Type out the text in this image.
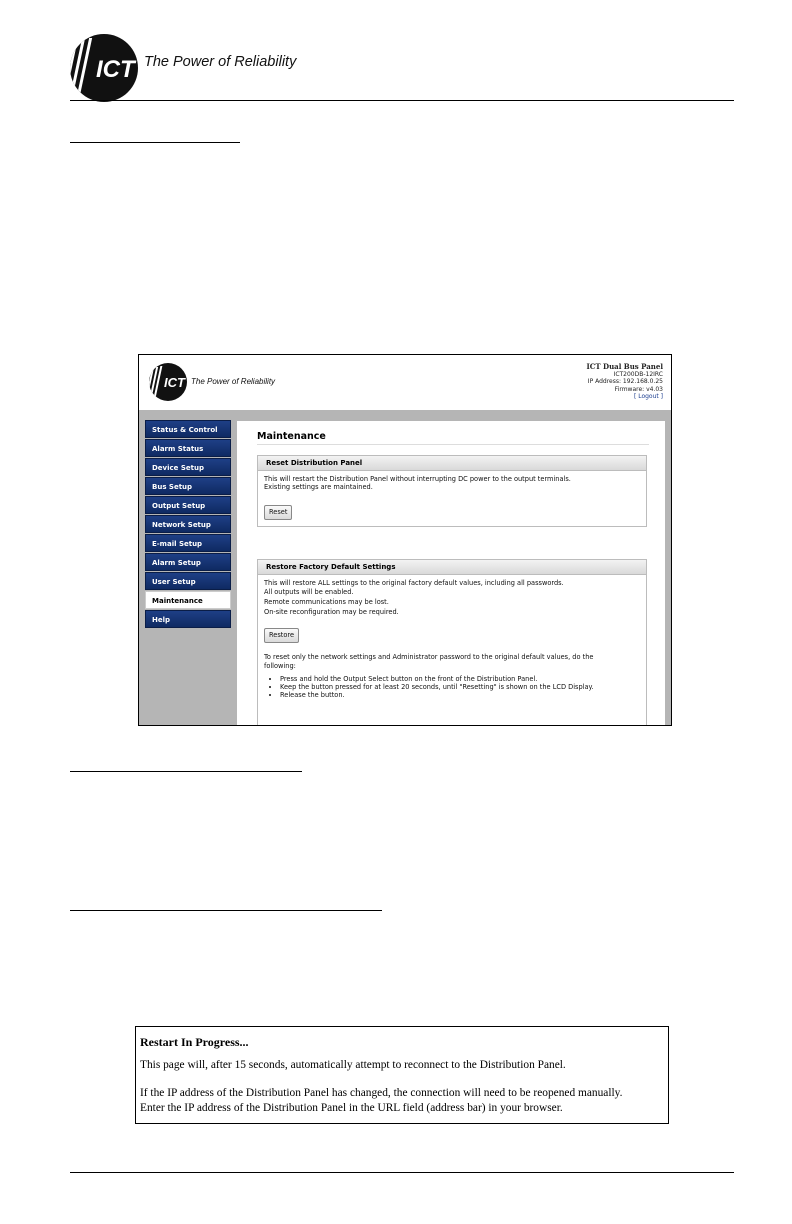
ICT The Power of Reliability
ICT The Power of Reliability
ICT Dual Bus Panel
ICT200DB-12IRC
IP Address: 192.168.0.25
Firmware: v4.03
[ Logout ]
Status & Control
Alarm Status
Device Setup
Bus Setup
Output Setup
Network Setup
E-mail Setup
Alarm Setup
User Setup
Maintenance
Help
Maintenance
Reset Distribution Panel
This will restart the Distribution Panel without interrupting DC power to the output terminals.
Existing settings are maintained.
Reset
Restore Factory Default Settings
This will restore ALL settings to the original factory default values, including all passwords.
All outputs will be enabled.
Remote communications may be lost.
On-site reconfiguration may be required.
Restore
To reset only the network settings and Administrator password to the original default values, do the
following:
• Press and hold the Output Select button on the front of the Distribution Panel.
• Keep the button pressed for at least 20 seconds, until "Resetting" is shown on the LCD Display.
• Release the button.
Restart In Progress...
This page will, after 15 seconds, automatically attempt to reconnect to the Distribution Panel.
If the IP address of the Distribution Panel has changed, the connection will need to be reopened manually.
Enter the IP address of the Distribution Panel in the URL field (address bar) in your browser.
